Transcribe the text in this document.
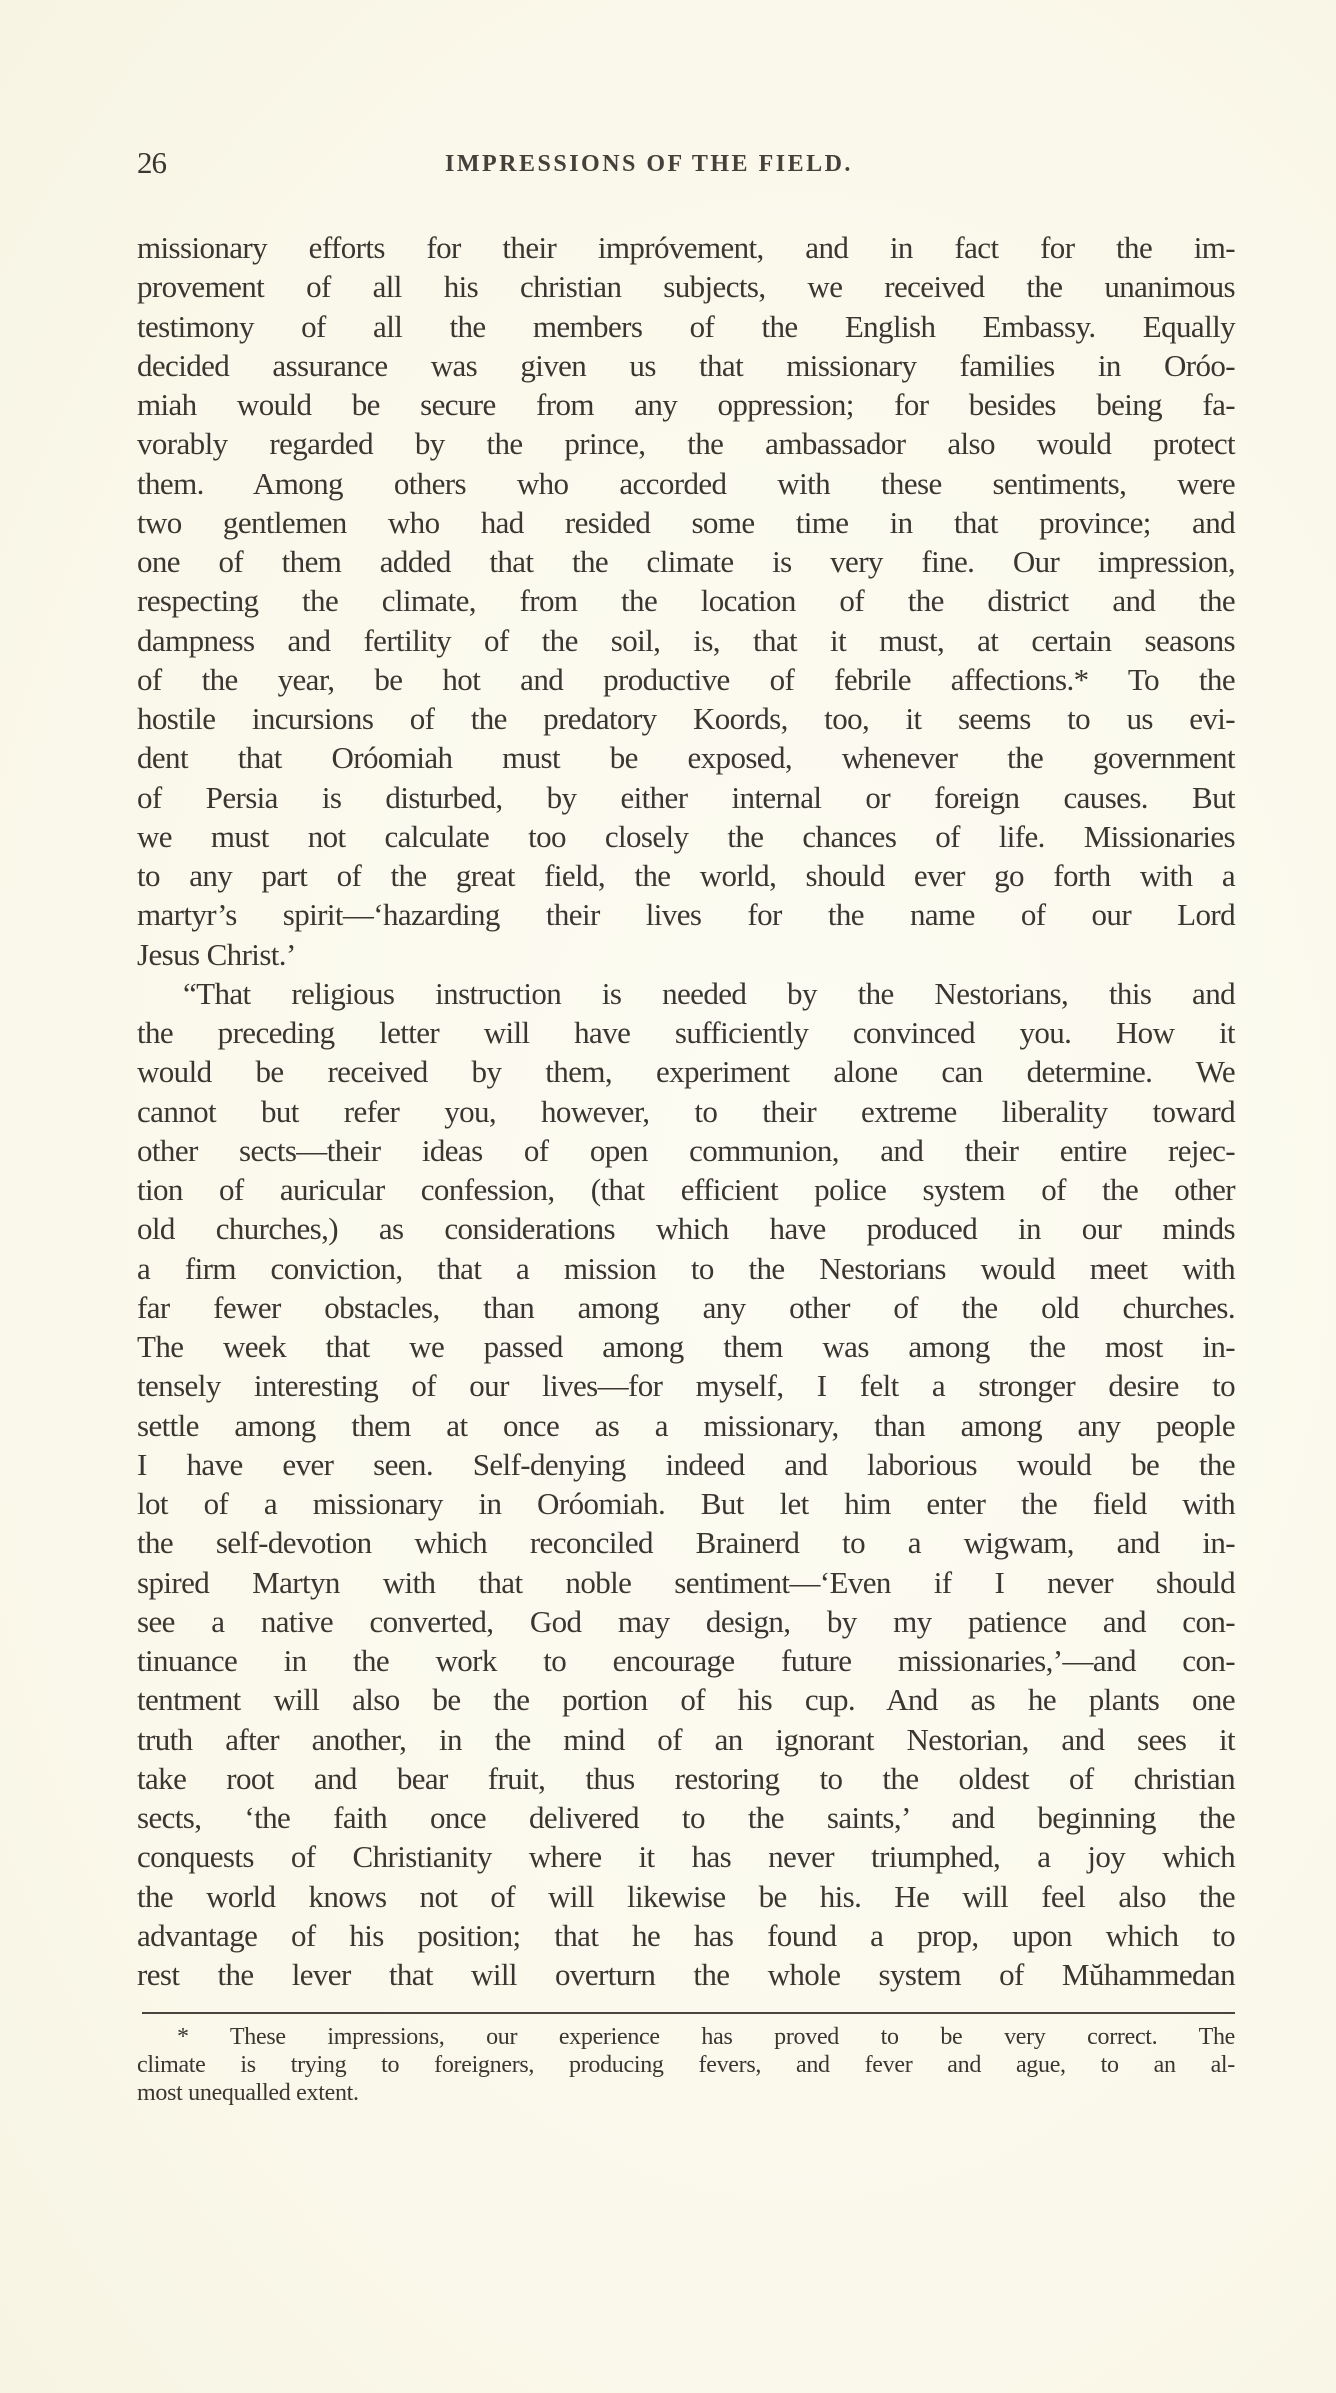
26	IMPRESSIONS OF THE FIELD.
missionary efforts for their impróvement, and in fact for the im-
provement of all his christian subjects, we received the unanimous
testimony of all the members of the English Embassy. Equally
decided assurance was given us that missionary families in Oróo-
miah would be secure from any oppression; for besides being fa-
vorably regarded by the prince, the ambassador also would protect
them. Among others who accorded with these sentiments, were
two gentlemen who had resided some time in that province; and
one of them added that the climate is very fine. Our impression,
respecting the climate, from the location of the district and the
dampness and fertility of the soil, is, that it must, at certain seasons
of the year, be hot and productive of febrile affections.* To the
hostile incursions of the predatory Koords, too, it seems to us evi-
dent that Oróomiah must be exposed, whenever the government
of Persia is disturbed, by either internal or foreign causes. But
we must not calculate too closely the chances of life. Missionaries
to any part of the great field, the world, should ever go forth with a
martyr’s spirit—‘hazarding their lives for the name of our Lord
Jesus Christ.’
“That religious instruction is needed by the Nestorians, this and
the preceding letter will have sufficiently convinced you. How it
would be received by them, experiment alone can determine. We
cannot but refer you, however, to their extreme liberality toward
other sects—their ideas of open communion, and their entire rejec-
tion of auricular confession, (that efficient police system of the other
old churches,) as considerations which have produced in our minds
a firm conviction, that a mission to the Nestorians would meet with
far fewer obstacles, than among any other of the old churches.
The week that we passed among them was among the most in-
tensely interesting of our lives—for myself, I felt a stronger desire to
settle among them at once as a missionary, than among any people
I have ever seen. Self-denying indeed and laborious would be the
lot of a missionary in Oróomiah. But let him enter the field with
the self-devotion which reconciled Brainerd to a wigwam, and in-
spired Martyn with that noble sentiment—‘Even if I never should
see a native converted, God may design, by my patience and con-
tinuance in the work to encourage future missionaries,’—and con-
tentment will also be the portion of his cup. And as he plants one
truth after another, in the mind of an ignorant Nestorian, and sees it
take root and bear fruit, thus restoring to the oldest of christian
sects, ‘the faith once delivered to the saints,’ and beginning the
conquests of Christianity where it has never triumphed, a joy which
the world knows not of will likewise be his. He will feel also the
advantage of his position; that he has found a prop, upon which to
rest the lever that will overturn the whole system of Mŭhammedan
* These impressions, our experience has proved to be very correct. The
climate is trying to foreigners, producing fevers, and fever and ague, to an al-
most unequalled extent.
